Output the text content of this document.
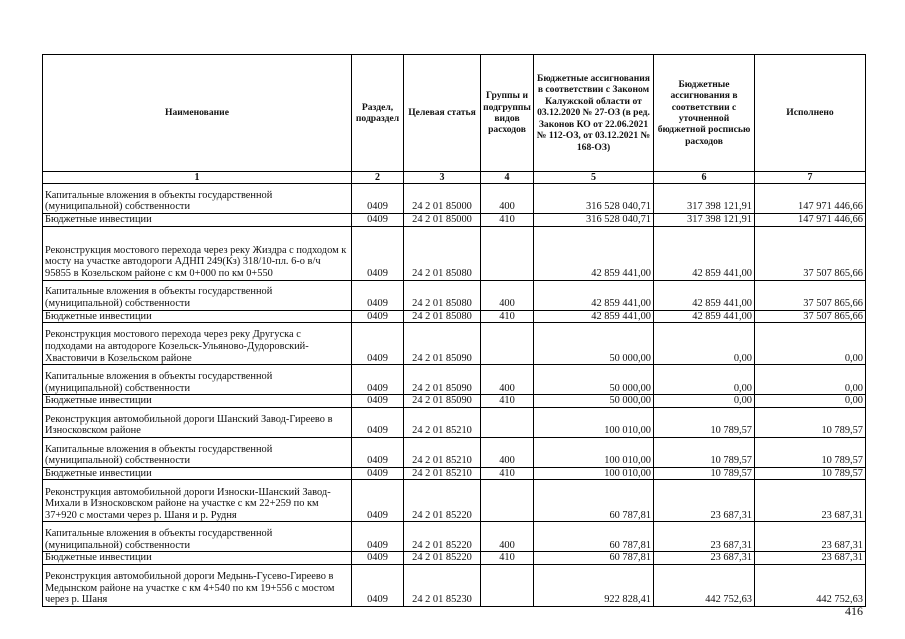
Наименование	Раздел, подраздел	Целевая статья	Группы и подгруппы видов расходов	Бюджетные ассигнования в соответствии с Законом Калужской области от 03.12.2020 № 27-ОЗ (в ред. Законов КО от 22.06.2021 № 112-ОЗ, от 03.12.2021 № 168-ОЗ)	Бюджетные ассигнования в соответствии с уточненной бюджетной росписью расходов	Исполнено
1	2	3	4	5	6	7
Капитальные вложения в объекты государственной (муниципальной) собственности	0409	24 2 01 85000	400	316 528 040,71	317 398 121,91	147 971 446,66
Бюджетные инвестиции	0409	24 2 01 85000	410	316 528 040,71	317 398 121,91	147 971 446,66
Реконструкция мостового перехода через реку Жиздра с подходом к мосту на участке автодороги АДНП 249(Кз) 318/10-пл. 6-о в/ч 95855 в Козельском районе с км 0+000 по км 0+550	0409	24 2 01 85080		42 859 441,00	42 859 441,00	37 507 865,66
Капитальные вложения в объекты государственной (муниципальной) собственности	0409	24 2 01 85080	400	42 859 441,00	42 859 441,00	37 507 865,66
Бюджетные инвестиции	0409	24 2 01 85080	410	42 859 441,00	42 859 441,00	37 507 865,66
Реконструкция мостового перехода через реку Другуска с подходами на автодороге Козельск-Ульяново-Дудоровский-Хвастовичи в Козельском районе	0409	24 2 01 85090		50 000,00	0,00	0,00
Капитальные вложения в объекты государственной (муниципальной) собственности	0409	24 2 01 85090	400	50 000,00	0,00	0,00
Бюджетные инвестиции	0409	24 2 01 85090	410	50 000,00	0,00	0,00
Реконструкция автомобильной дороги Шанский Завод-Гиреево в Износковском районе	0409	24 2 01 85210		100 010,00	10 789,57	10 789,57
Капитальные вложения в объекты государственной (муниципальной) собственности	0409	24 2 01 85210	400	100 010,00	10 789,57	10 789,57
Бюджетные инвестиции	0409	24 2 01 85210	410	100 010,00	10 789,57	10 789,57
Реконструкция автомобильной дороги Износки-Шанский Завод-Михали в Износковском районе на участке с км 22+259 по км 37+920 с мостами через р. Шаня и р. Рудня	0409	24 2 01 85220		60 787,81	23 687,31	23 687,31
Капитальные вложения в объекты государственной (муниципальной) собственности	0409	24 2 01 85220	400	60 787,81	23 687,31	23 687,31
Бюджетные инвестиции	0409	24 2 01 85220	410	60 787,81	23 687,31	23 687,31
Реконструкция автомобильной дороги Медынь-Гусево-Гиреево в Медынском районе на участке с км 4+540 по км 19+556 с мостом через р. Шаня	0409	24 2 01 85230		922 828,41	442 752,63	442 752,63
416
